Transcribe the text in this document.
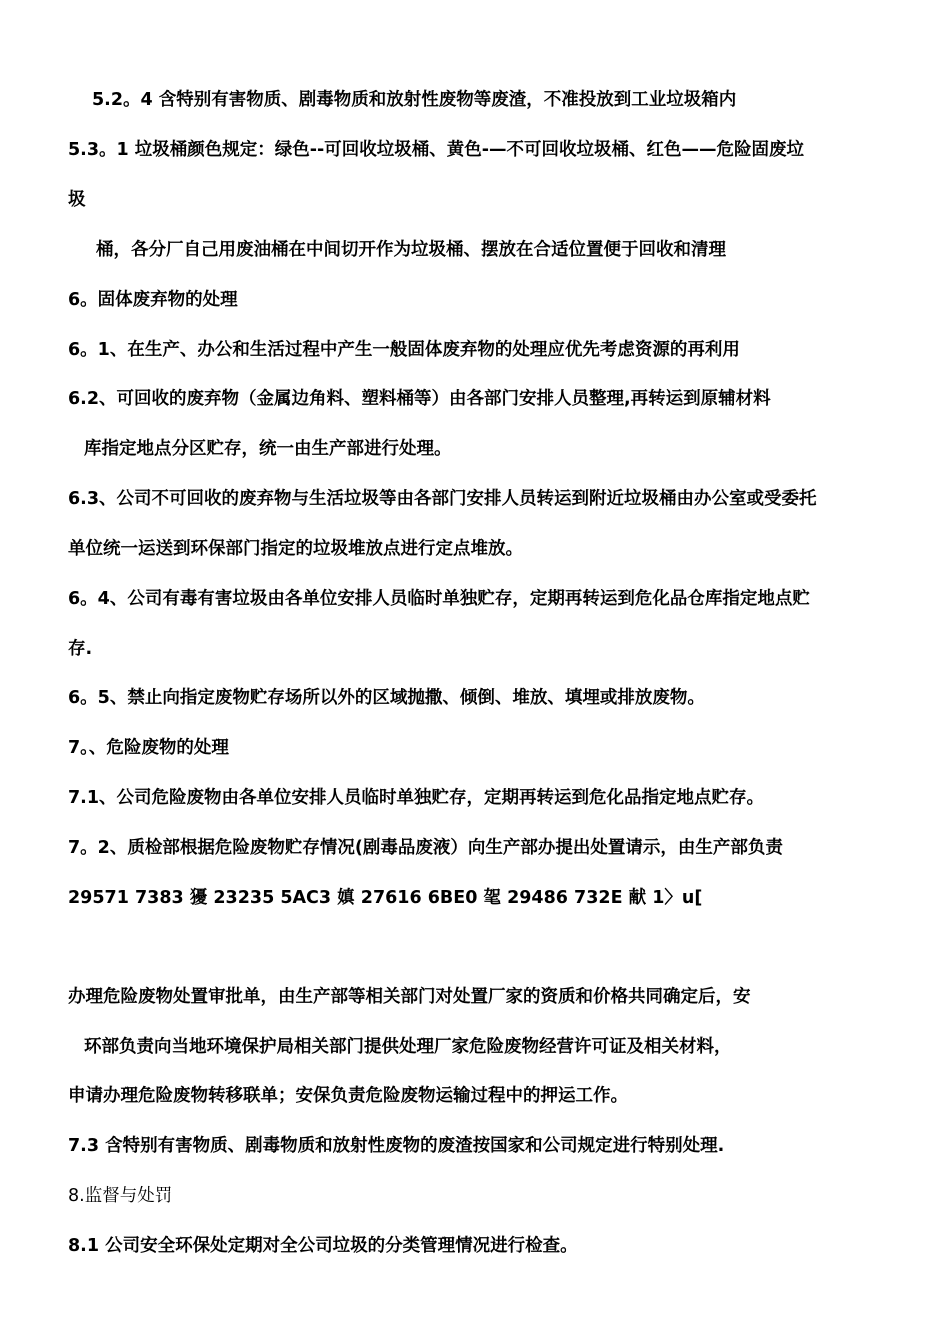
5.2。4 含特别有害物质、剧毒物质和放射性废物等废渣，不准投放到工业垃圾箱内
5.3。1 垃圾桶颜色规定：绿色--可回收垃圾桶、黄色-—不可回收垃圾桶、红色——危险固废垃
圾
桶，各分厂自己用废油桶在中间切开作为垃圾桶、摆放在合适位置便于回收和清理
6。固体废弃物的处理
6。1、在生产、办公和生活过程中产生一般固体废弃物的处理应优先考虑资源的再利用
6.2、可回收的废弃物（金属边角料、塑料桶等）由各部门安排人员整理,再转运到原辅材料
库指定地点分区贮存，统一由生产部进行处理。
6.3、公司不可回收的废弃物与生活垃圾等由各部门安排人员转运到附近垃圾桶由办公室或受委托
单位统一运送到环保部门指定的垃圾堆放点进行定点堆放。
6。4、公司有毒有害垃圾由各单位安排人员临时单独贮存，定期再转运到危化品仓库指定地点贮
存.
6。5、禁止向指定废物贮存场所以外的区域抛撒、倾倒、堆放、填埋或排放废物。
7。、危险废物的处理
7.1、公司危险废物由各单位安排人员临时单独贮存，定期再转运到危化品指定地点贮存。
7。2、质检部根据危险废物贮存情况(剧毒品废液）向生产部办提出处置请示，由生产部负责
29571 7383 獶 23235 5AC3 嫃 27616 6BE0 毠 29486 732E 献 1〉u[
办理危险废物处置审批单，由生产部等相关部门对处置厂家的资质和价格共同确定后，安
环部负责向当地环境保护局相关部门提供处理厂家危险废物经营许可证及相关材料，
申请办理危险废物转移联单；安保负责危险废物运输过程中的押运工作。
7.3 含特别有害物质、剧毒物质和放射性废物的废渣按国家和公司规定进行特别处理.
8.监督与处罚
8.1 公司安全环保处定期对全公司垃圾的分类管理情况进行检查。
